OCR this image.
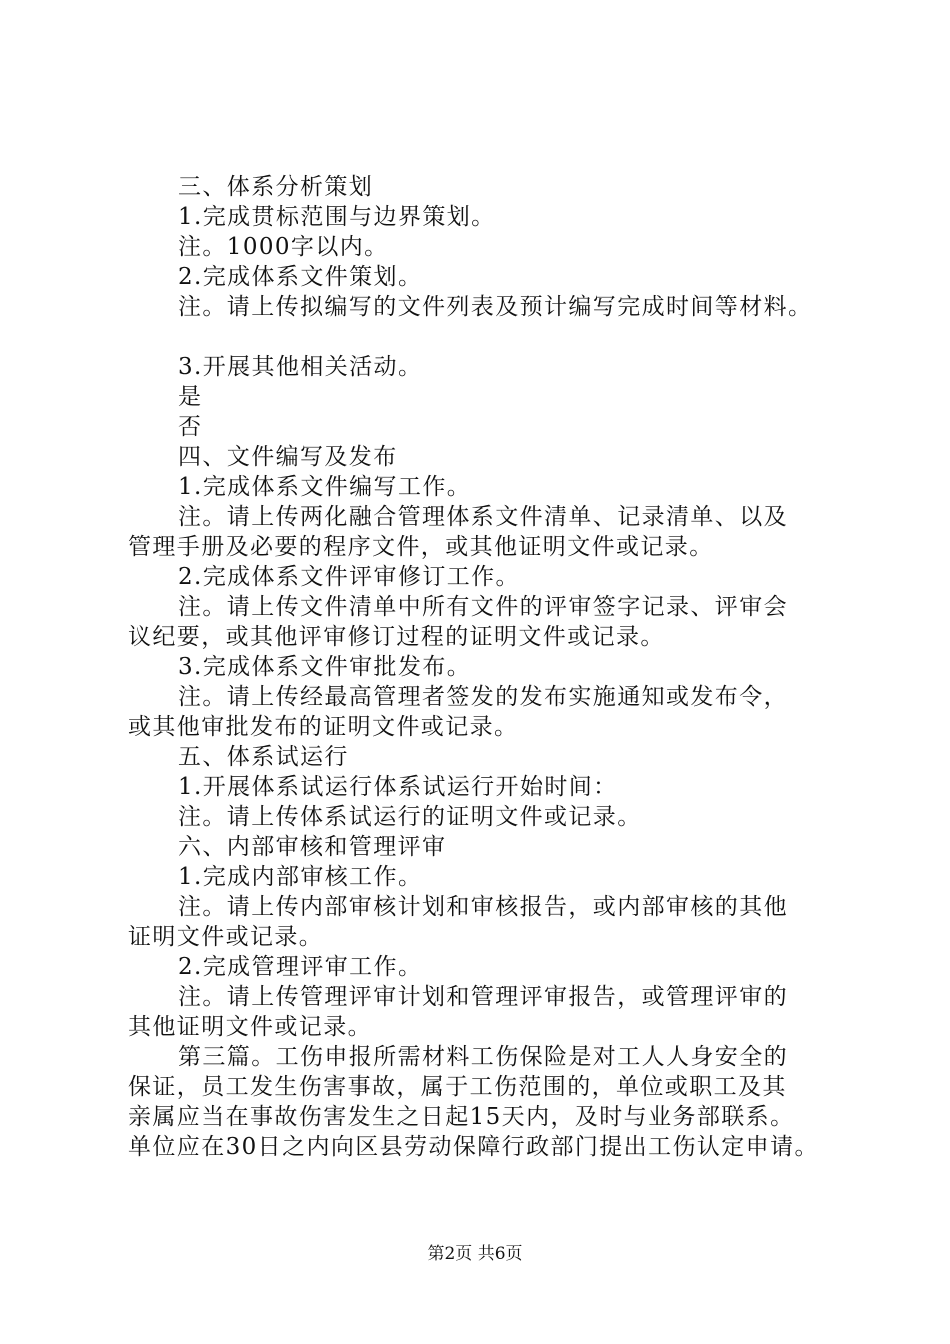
三、体系分析策划
1.完成贯标范围与边界策划。
注。1000字以内。
2.完成体系文件策划。
注。请上传拟编写的文件列表及预计编写完成时间等材料。
3.开展其他相关活动。
是
否
四、文件编写及发布
1.完成体系文件编写工作。
注。请上传两化融合管理体系文件清单、记录清单、以及
管理手册及必要的程序文件，或其他证明文件或记录。
2.完成体系文件评审修订工作。
注。请上传文件清单中所有文件的评审签字记录、评审会
议纪要，或其他评审修订过程的证明文件或记录。
3.完成体系文件审批发布。
注。请上传经最高管理者签发的发布实施通知或发布令，
或其他审批发布的证明文件或记录。
五、体系试运行
1.开展体系试运行体系试运行开始时间：
注。请上传体系试运行的证明文件或记录。
六、内部审核和管理评审
1.完成内部审核工作。
注。请上传内部审核计划和审核报告，或内部审核的其他
证明文件或记录。
2.完成管理评审工作。
注。请上传管理评审计划和管理评审报告，或管理评审的
其他证明文件或记录。
第三篇。工伤申报所需材料工伤保险是对工人人身安全的
保证，员工发生伤害事故，属于工伤范围的，单位或职工及其
亲属应当在事故伤害发生之日起15天内，及时与业务部联系。
单位应在30日之内向区县劳动保障行政部门提出工伤认定申请。
第2页 共6页
